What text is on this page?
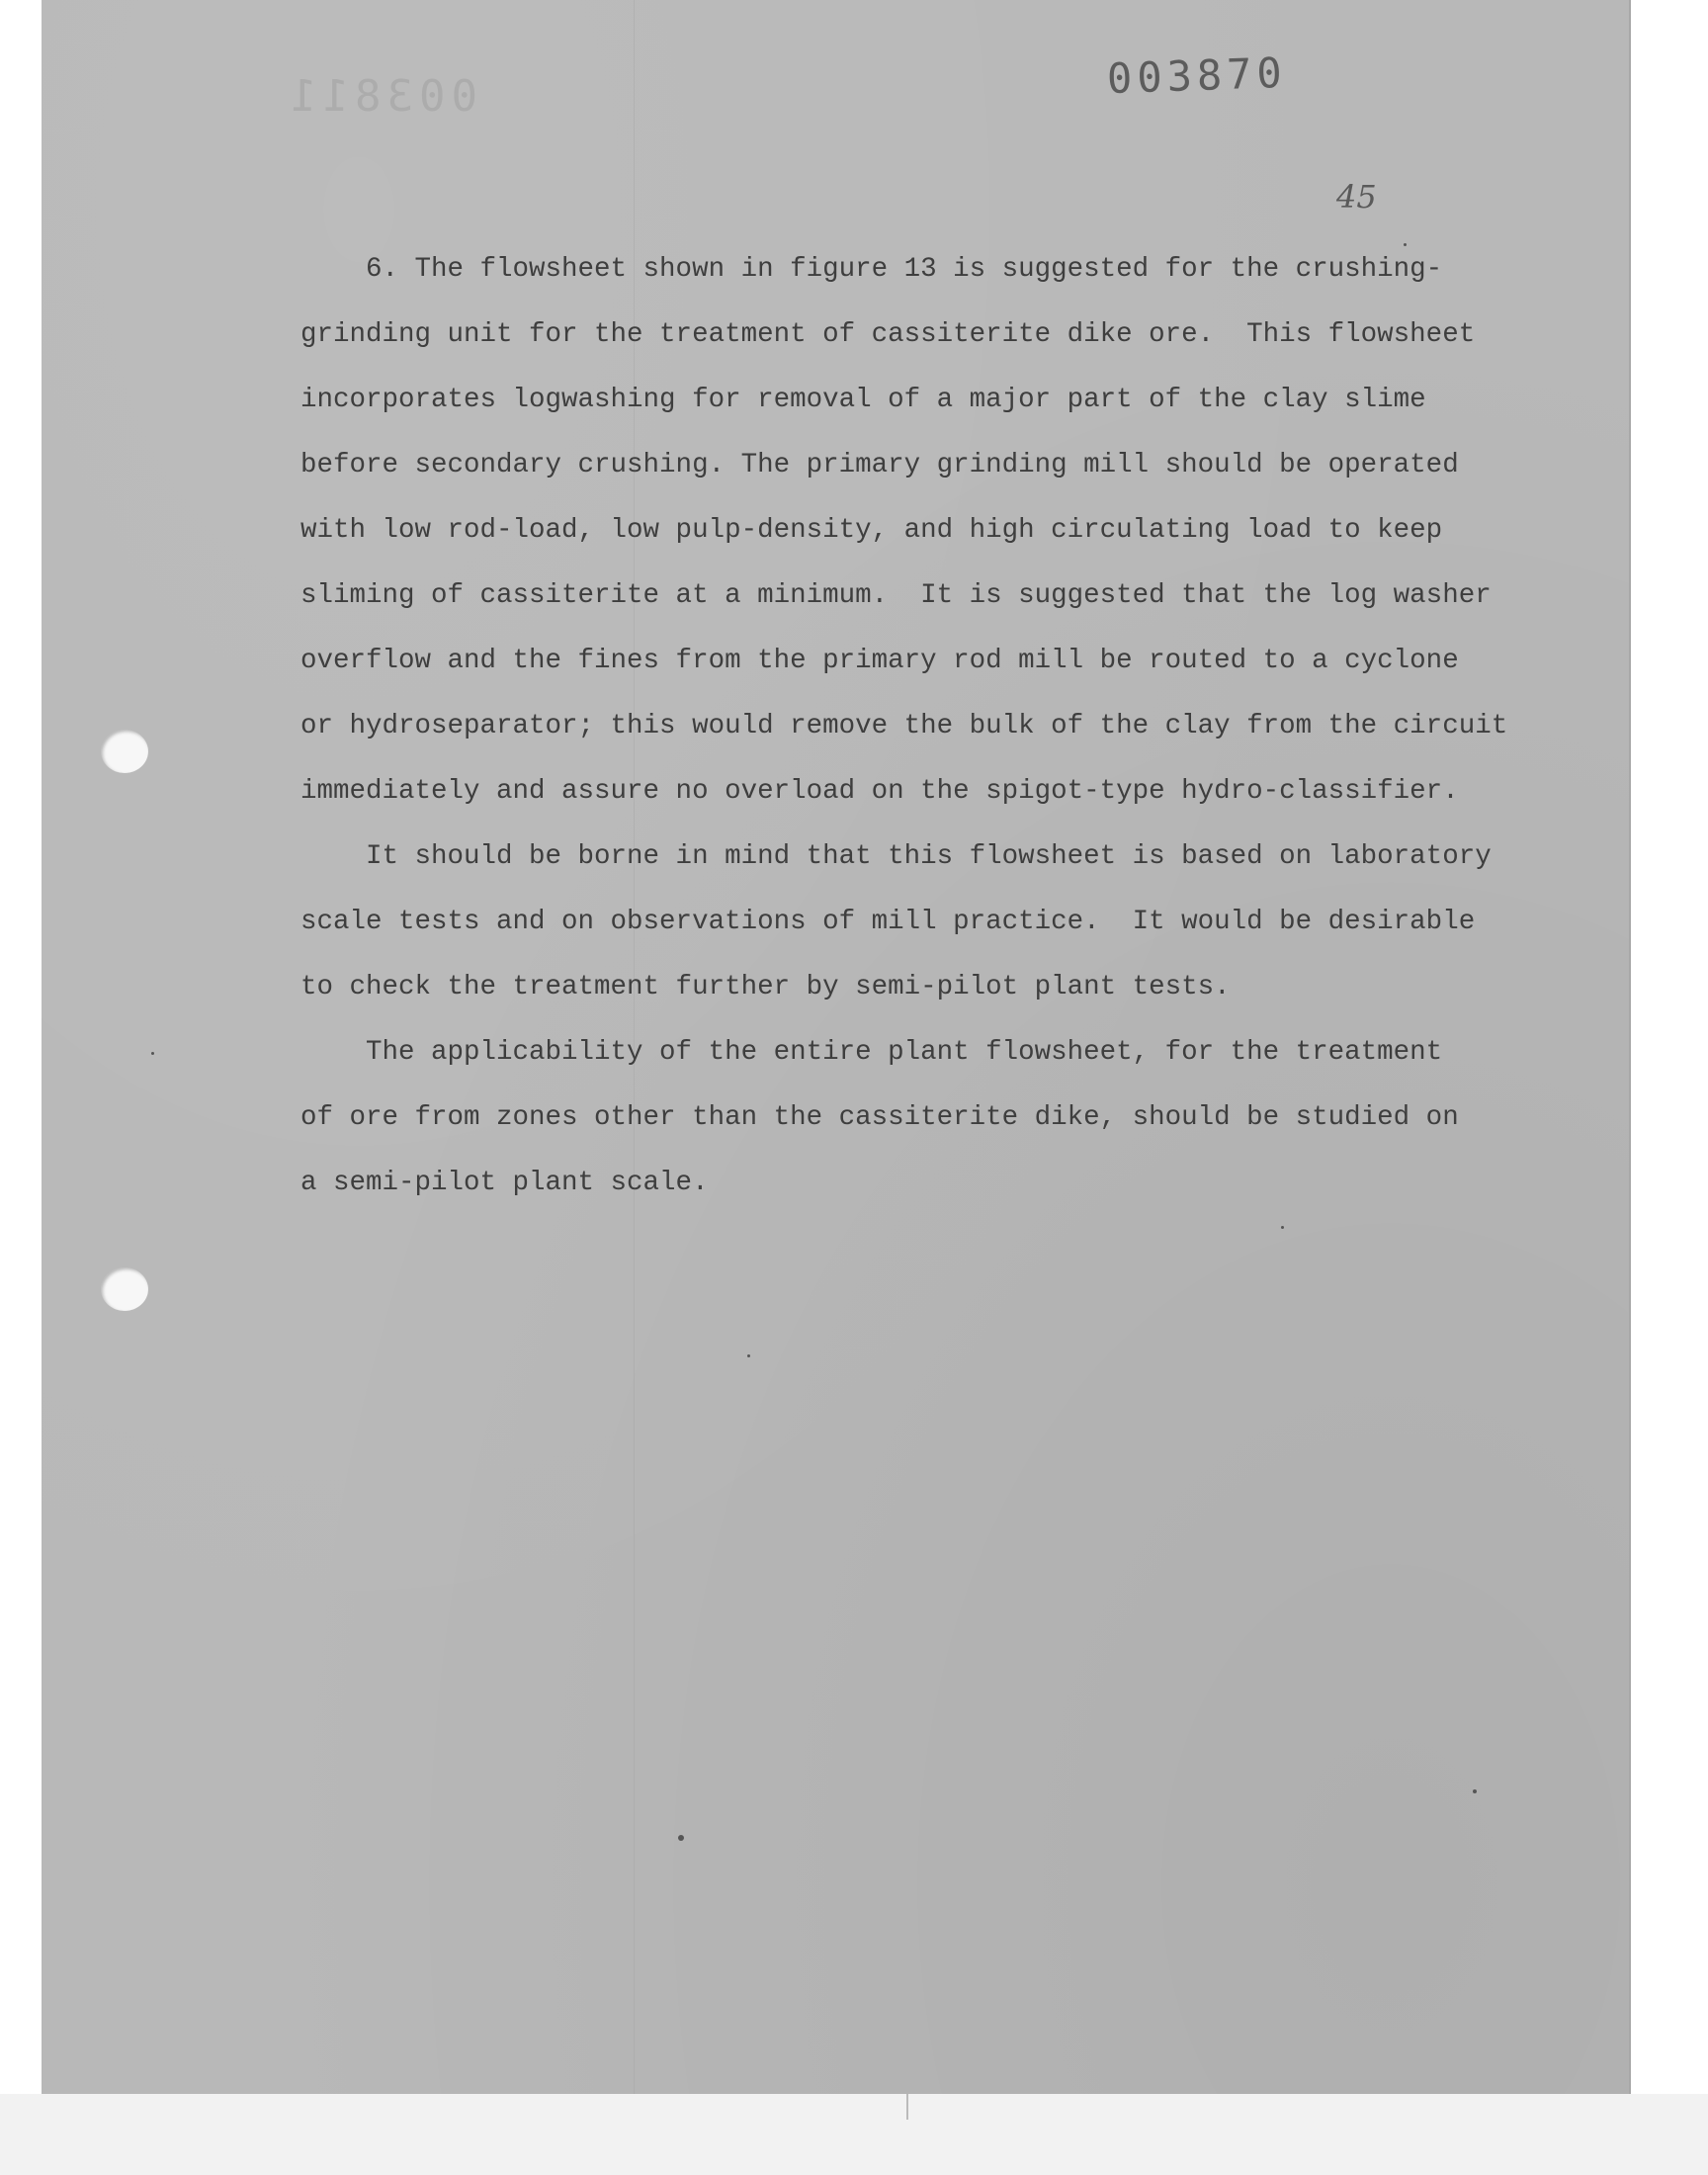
003811	003870
45
6. The flowsheet shown in figure 13 is suggested for the crushing-
grinding unit for the treatment of cassiterite dike ore.  This flowsheet
incorporates logwashing for removal of a major part of the clay slime
before secondary crushing. The primary grinding mill should be operated
with low rod-load, low pulp-density, and high circulating load to keep
sliming of cassiterite at a minimum.  It is suggested that the log washer
overflow and the fines from the primary rod mill be routed to a cyclone
or hydroseparator; this would remove the bulk of the clay from the circuit
immediately and assure no overload on the spigot-type hydro-classifier.
It should be borne in mind that this flowsheet is based on laboratory
scale tests and on observations of mill practice.  It would be desirable
to check the treatment further by semi-pilot plant tests.
The applicability of the entire plant flowsheet, for the treatment
of ore from zones other than the cassiterite dike, should be studied on
a semi-pilot plant scale.
